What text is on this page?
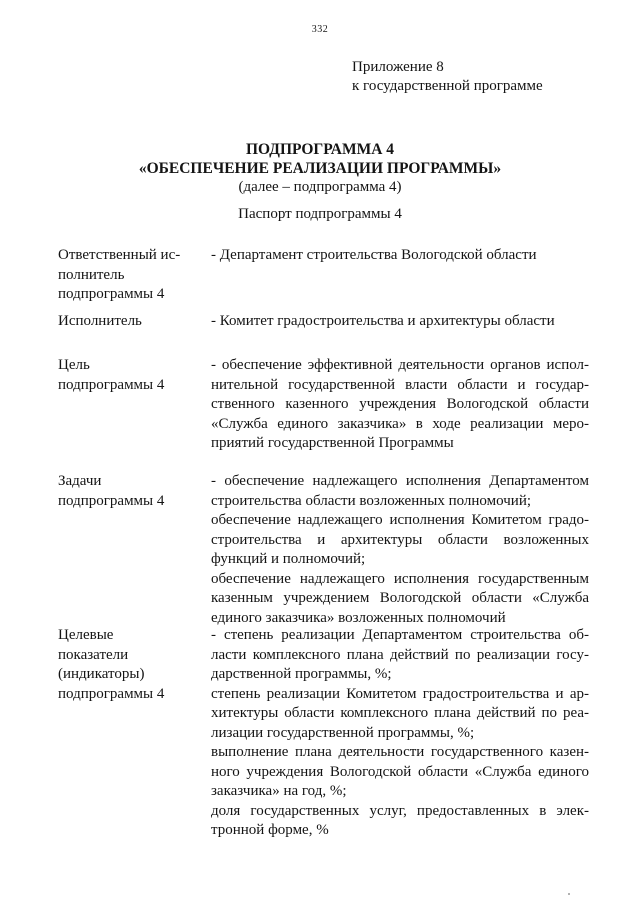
332
Приложение 8
к государственной программе
ПОДПРОГРАММА 4
«ОБЕСПЕЧЕНИЕ РЕАЛИЗАЦИИ ПРОГРАММЫ»
(далее – подпрограмма 4)
Паспорт подпрограммы 4
Ответственный ис-
полнитель
подпрограммы 4
- Департамент строительства Вологодской области
Исполнитель	- Комитет градостроительства и архитектуры области
Цель
подпрограммы 4
- обеспечение эффективной деятельности органов испол-
нительной государственной власти области и государ-
ственного казенного учреждения Вологодской области
«Служба единого заказчика» в ходе реализации меро-
приятий государственной Программы
Задачи
подпрограммы 4
- обеспечение надлежащего исполнения Департаментом
строительства области возложенных полномочий;
обеспечение надлежащего исполнения Комитетом градо-
строительства и архитектуры области возложенных
функций и полномочий;
обеспечение надлежащего исполнения государственным
казенным учреждением Вологодской области «Служба
единого заказчика» возложенных полномочий
Целевые
показатели
(индикаторы)
подпрограммы 4
- степень реализации Департаментом строительства об-
ласти комплексного плана действий по реализации госу-
дарственной программы, %;
степень реализации Комитетом градостроительства и ар-
хитектуры области комплексного плана действий по реа-
лизации государственной программы, %;
выполнение плана деятельности государственного казен-
ного учреждения Вологодской области «Служба единого
заказчика» на год, %;
доля государственных услуг, предоставленных в элек-
тронной форме, %
